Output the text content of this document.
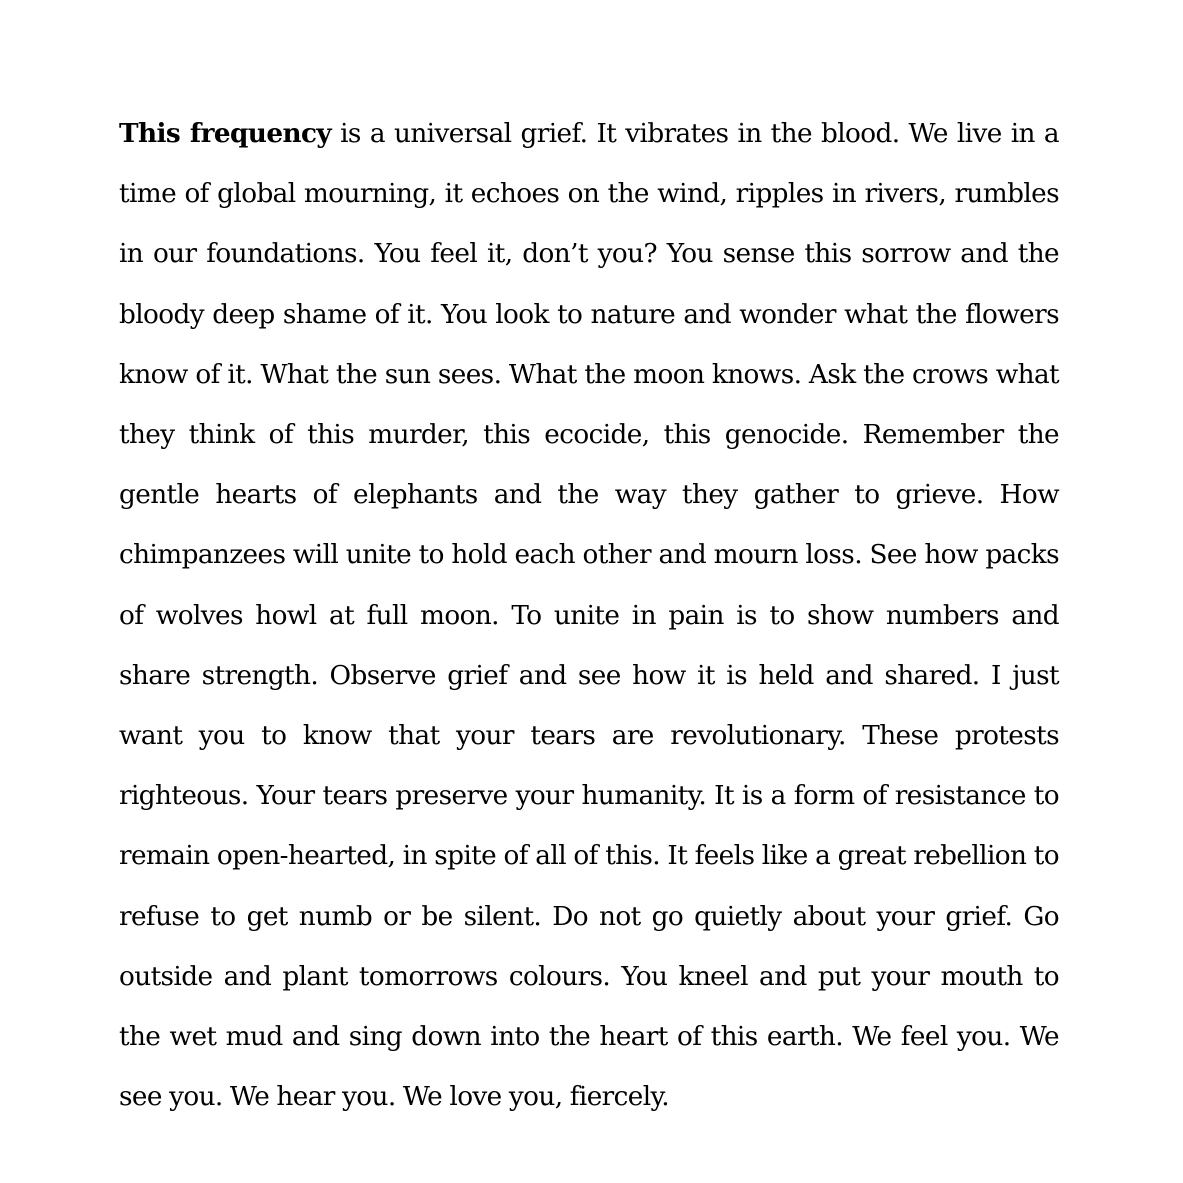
This frequency is a universal grief. It vibrates in the blood. We live in a time of global mourning, it echoes on the wind, ripples in rivers, rumbles in our foundations. You feel it, don’t you? You sense this sorrow and the bloody deep shame of it. You look to nature and wonder what the flowers know of it. What the sun sees. What the moon knows. Ask the crows what they think of this murder, this ecocide, this genocide. Remember the gentle hearts of elephants and the way they gather to grieve. How chimpanzees will unite to hold each other and mourn loss. See how packs of wolves howl at full moon. To unite in pain is to show numbers and share strength. Observe grief and see how it is held and shared. I just want you to know that your tears are revolutionary. These protests righteous. Your tears preserve your humanity. It is a form of resistance to remain open-hearted, in spite of all of this. It feels like a great rebellion to refuse to get numb or be silent. Do not go quietly about your grief. Go outside and plant tomorrows colours. You kneel and put your mouth to the wet mud and sing down into the heart of this earth. We feel you. We see you. We hear you. We love you, fiercely.
